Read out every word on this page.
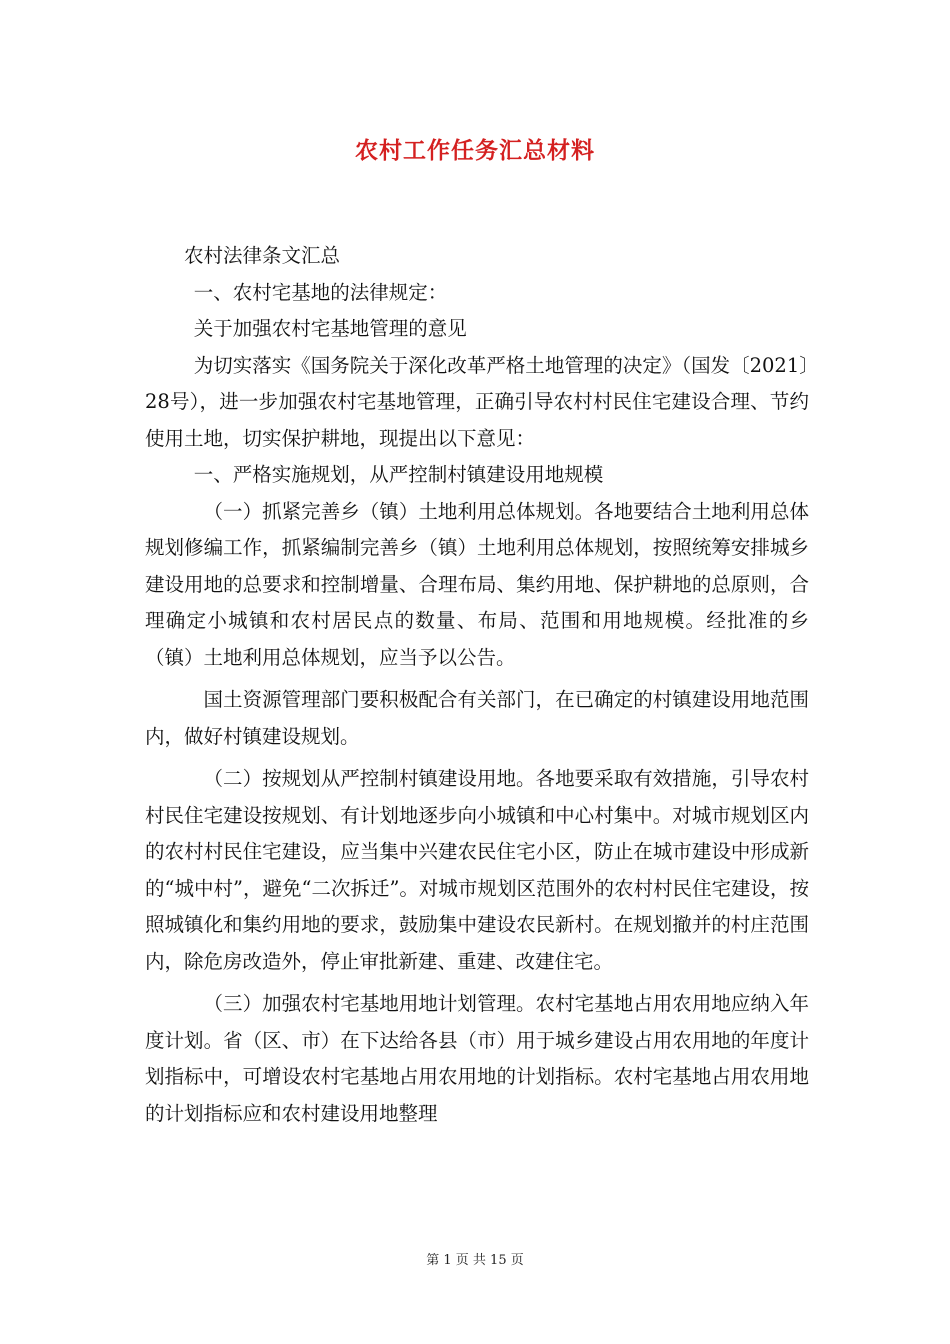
农村工作任务汇总材料

农村法律条文汇总

一、农村宅基地的法律规定：

关于加强农村宅基地管理的意见

为切实落实《国务院关于深化改革严格土地管理的决定》（国发〔2021〕28号），进一步加强农村宅基地管理，正确引导农村村民住宅建设合理、节约使用土地，切实保护耕地，现提出以下意见：

一、严格实施规划，从严控制村镇建设用地规模

（一）抓紧完善乡（镇）土地利用总体规划。各地要结合土地利用总体规划修编工作，抓紧编制完善乡（镇）土地利用总体规划，按照统筹安排城乡建设用地的总要求和控制增量、合理布局、集约用地、保护耕地的总原则，合理确定小城镇和农村居民点的数量、布局、范围和用地规模。经批准的乡（镇）土地利用总体规划，应当予以公告。

国土资源管理部门要积极配合有关部门，在已确定的村镇建设用地范围内，做好村镇建设规划。

（二）按规划从严控制村镇建设用地。各地要采取有效措施，引导农村村民住宅建设按规划、有计划地逐步向小城镇和中心村集中。对城市规划区内的农村村民住宅建设，应当集中兴建农民住宅小区，防止在城市建设中形成新的“城中村”，避免“二次拆迁”。对城市规划区范围外的农村村民住宅建设，按照城镇化和集约用地的要求，鼓励集中建设农民新村。在规划撤并的村庄范围内，除危房改造外，停止审批新建、重建、改建住宅。

（三）加强农村宅基地用地计划管理。农村宅基地占用农用地应纳入年度计划。省（区、市）在下达给各县（市）用于城乡建设占用农用地的年度计划指标中，可增设农村宅基地占用农用地的计划指标。农村宅基地占用农用地的计划指标应和农村建设用地整理

第 1 页 共 15 页
